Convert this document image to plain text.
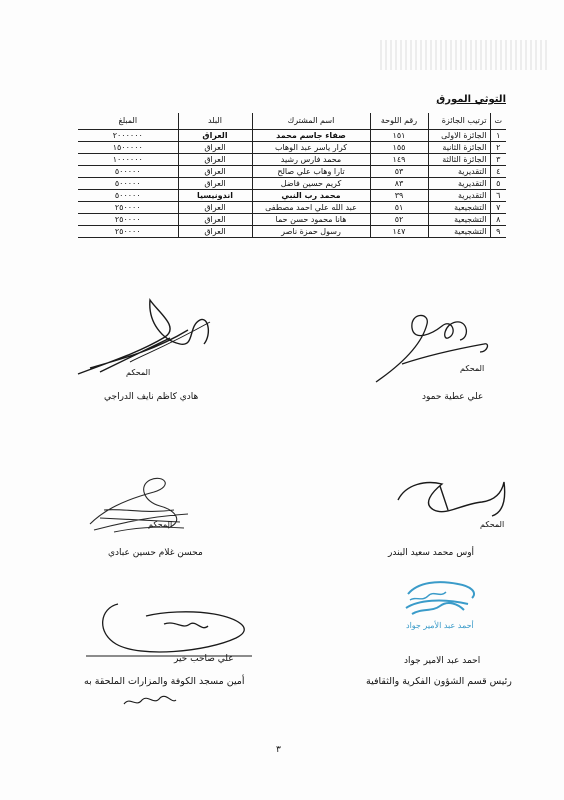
التوثي المورق
ت	ترتيب الجائزة	رقم اللوحة	اسم المشترك	البلد	المبلغ
١	الجائزة الاولى	١٥١	صفاء جاسم محمد	العراق	٢٠٠٠٠٠٠
٢	الجائزة الثانية	١٥٥	كرار ياسر عبد الوهاب	العراق	١٥٠٠٠٠٠
٣	الجائزة الثالثة	١٤٩	محمد فارس رشيد	العراق	١٠٠٠٠٠٠
٤	التقديرية	٥٣	تارا وهاب علي صالح	العراق	٥٠٠٠٠٠
٥	التقديرية	٨٣	كريم حسين فاضل	العراق	٥٠٠٠٠٠
٦	التقديرية	٣٩	محمد رب النبي	اندونيسيا	٥٠٠٠٠٠
٧	التشجيعية	٥١	عبد الله علي احمد مصطفى	العراق	٢٥٠٠٠٠
٨	التشجيعية	٥٢	هانا محمود حسن حما	العراق	٢٥٠٠٠٠
٩	التشجيعية	١٤٧	رسول حمزة ناصر	العراق	٢٥٠٠٠٠
المحكم
هادي كاظم نايف الدراجي
المحكم
علي عطية حمود
المحكم
محسن غلام حسين عبادي
المحكم
أوس محمد سعيد البندر
أحمد عبد الأمير جواد
علي صاحب خير
أمين مسجد الكوفة والمزارات الملحقة به
احمد عبد الامير جواد
رئيس قسم الشؤون الفكرية والثقافية
٣
